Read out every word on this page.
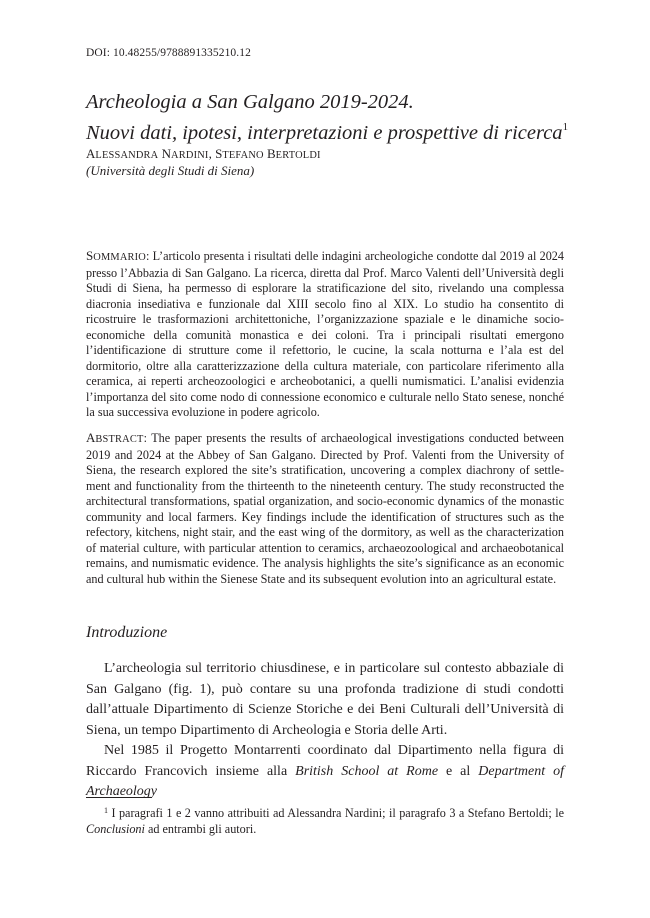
DOI: 10.48255/9788891335210.12
Archeologia a San Galgano 2019-2024.
Nuovi dati, ipotesi, interpretazioni e prospettive di ricerca$^1$
ALESSANDRA NARDINI, STEFANO BERTOLDI
(Università degli Studi di Siena)
SOMMARIO: L’articolo presenta i risultati delle indagini archeologiche condotte dal 2019 al 2024 presso l’Abbazia di San Galgano. La ricerca, diretta dal Prof. Marco Valenti dell’Università degli Studi di Siena, ha permesso di esplorare la stratificazione del sito, rivelando una complessa diacronia insediativa e funzionale dal XIII secolo fino al XIX. Lo studio ha consentito di ricostruire le trasformazioni architettoniche, l’organizzazione spaziale e le dinamiche socio-economiche della comunità monastica e dei coloni. Tra i principali risultati emergono l’identificazione di strutture come il refettorio, le cucine, la scala notturna e l’ala est del dormitorio, oltre alla caratterizzazione della cultura materiale, con particolare riferimento alla ceramica, ai reperti archeozoologici e archeobotanici, a quelli numismatici. L’analisi evidenzia l’importanza del sito come nodo di connessione economico e culturale nello Stato senese, nonché la sua successiva evoluzione in podere agricolo.
ABSTRACT: The paper presents the results of archaeological investigations conducted between 2019 and 2024 at the Abbey of San Galgano. Directed by Prof. Valenti from the University of Siena, the research explored the site’s stratification, uncovering a complex diachrony of settlement and functionality from the thirteenth to the nineteenth century. The study reconstructed the architectural transformations, spatial organization, and socio-economic dynamics of the monastic community and local farmers. Key findings include the identification of structures such as the refectory, kitchens, night stair, and the east wing of the dormitory, as well as the characterization of material culture, with particular attention to ceramics, archaeozoological and archaeobotanical remains, and numismatic evidence. The analysis highlights the site’s significance as an economic and cultural hub within the Sienese State and its subsequent evolution into an agricultural estate.
Introduzione

L’archeologia sul territorio chiusdinese, e in particolare sul contesto abbaziale di San Galgano (fig. 1), può contare su una profonda tradizione di studi condotti dall’attuale Dipartimento di Scienze Storiche e dei Beni Culturali dell’Università di Siena, un tempo Dipartimento di Archeologia e Storia delle Arti.

Nel 1985 il Progetto Montarrenti coordinato dal Dipartimento nella figura di Riccardo Francovich insieme alla British School at Rome e al Department of Archaeology

$^1$ I paragrafi 1 e 2 vanno attribuiti ad Alessandra Nardini; il paragrafo 3 a Stefano Bertoldi; le Conclusioni ad entrambi gli autori.
